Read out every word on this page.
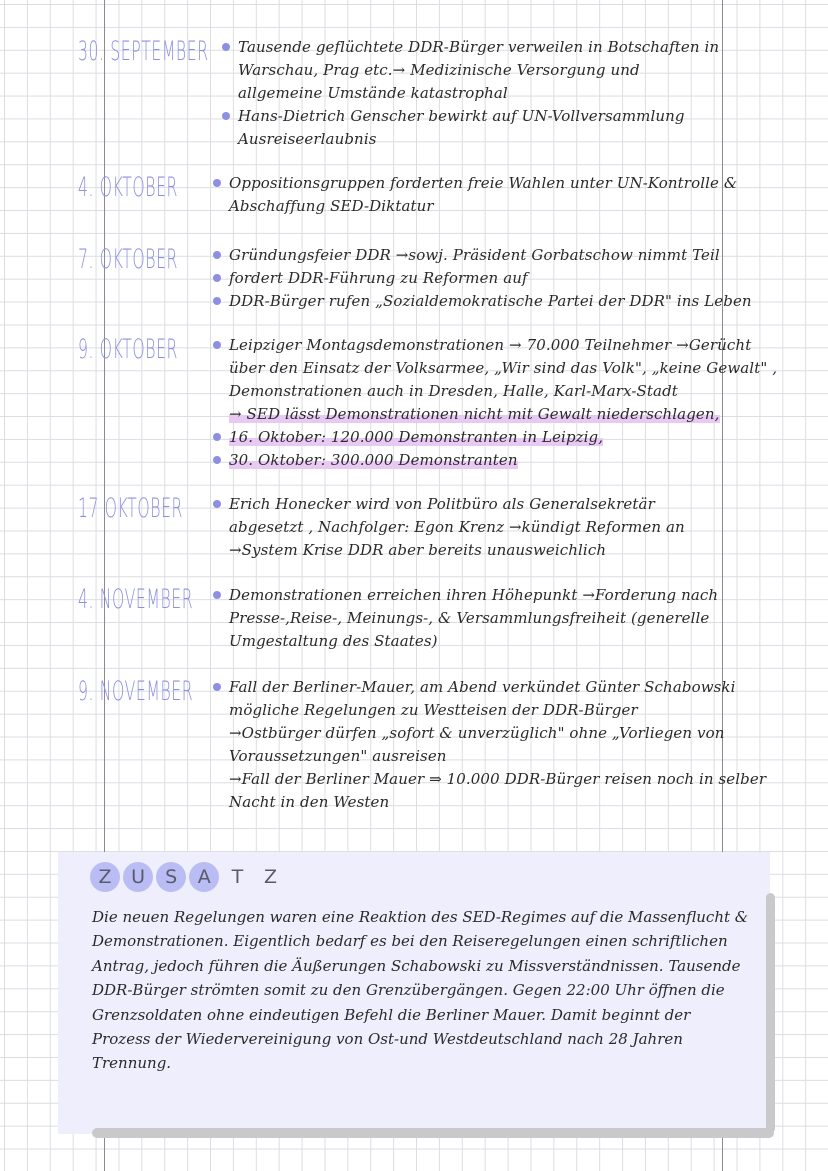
30. SEPTEMBER	Tausende geflüchtete DDR-Bürger verweilen in Botschaften in Warschau, Prag etc.→ Medizinische Versorgung und allgemeine Umstände katastrophal
Hans-Dietrich Genscher bewirkt auf UN-Vollversammlung Ausreiseerlaubnis
4. OKTOBER	Oppositionsgruppen forderten freie Wahlen unter UN-Kontrolle & Abschaffung SED-Diktatur
7. OKTOBER	Gründungsfeier DDR →sowj. Präsident Gorbatschow nimmt Teil
fordert DDR-Führung zu Reformen auf
DDR-Bürger rufen „Sozialdemokratische Partei der DDR" ins Leben
9. OKTOBER	Leipziger Montagsdemonstrationen → 70.000 Teilnehmer →Gerücht über den Einsatz der Volksarmee, „Wir sind das Volk", „keine Gewalt" , Demonstrationen auch in Dresden, Halle, Karl-Marx-Stadt
→ SED lässt Demonstrationen nicht mit Gewalt niederschlagen,
16. Oktober: 120.000 Demonstranten in Leipzig,
30. Oktober: 300.000 Demonstranten
17 OKTOBER	Erich Honecker wird von Politbüro als Generalsekretär abgesetzt , Nachfolger: Egon Krenz →kündigt Reformen an
→System Krise DDR aber bereits unausweichlich
4. NOVEMBER	Demonstrationen erreichen ihren Höhepunkt →Forderung nach Presse-,Reise-, Meinungs-, & Versammlungsfreiheit (generelle Umgestaltung des Staates)
9. NOVEMBER	Fall der Berliner-Mauer, am Abend verkündet Günter Schabowski mögliche Regelungen zu Westteisen der DDR-Bürger
→Ostbürger dürfen „sofort & unverzüglich" ohne „Vorliegen von Voraussetzungen" ausreisen
→Fall der Berliner Mauer ⇒ 10.000 DDR-Bürger reisen noch in selber Nacht in den Westen
Z U S A T Z

Die neuen Regelungen waren eine Reaktion des SED-Regimes auf die Massenflucht & Demonstrationen. Eigentlich bedarf es bei den Reiseregelungen einen schriftlichen Antrag, jedoch führen die Äußerungen Schabowski zu Missverständnissen. Tausende DDR-Bürger strömten somit zu den Grenzübergängen. Gegen 22:00 Uhr öffnen die Grenzsoldaten ohne eindeutigen Befehl die Berliner Mauer. Damit beginnt der Prozess der Wiedervereinigung von Ost-und Westdeutschland nach 28 Jahren Trennung.
